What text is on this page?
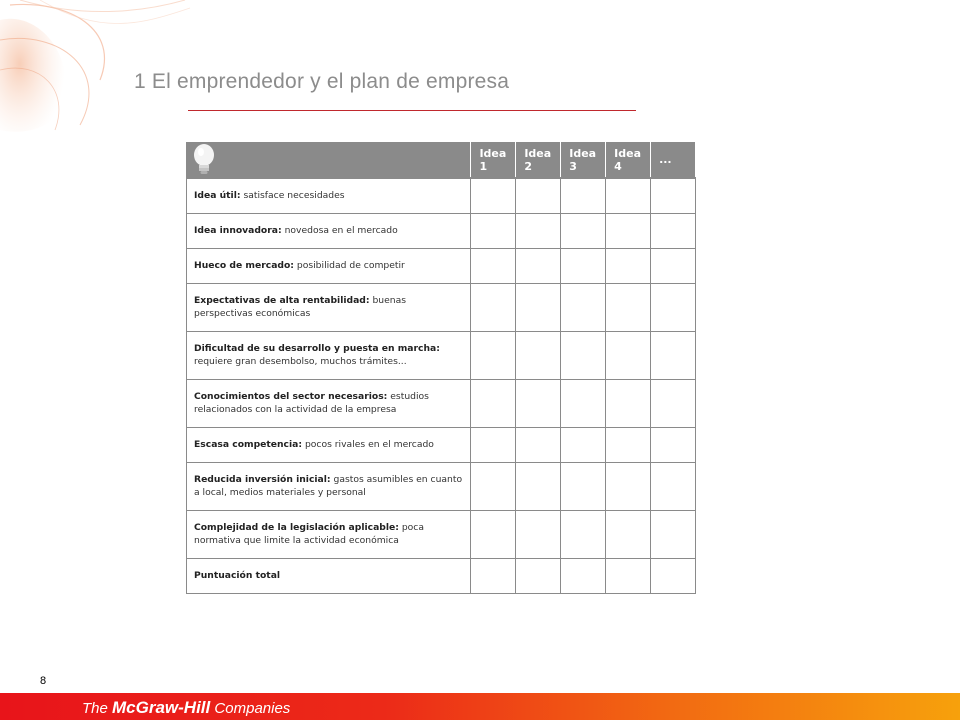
1 El emprendedor y el plan de empresa
	Idea 1	Idea 2	Idea 3	Idea 4	...
Idea útil: satisface necesidades					
Idea innovadora: novedosa en el mercado					
Hueco de mercado: posibilidad de competir					
Expectativas de alta rentabilidad: buenas perspectivas económicas					
Dificultad de su desarrollo y puesta en marcha: requiere gran desembolso, muchos trámites...					
Conocimientos del sector necesarios: estudios relacionados con la actividad de la empresa					
Escasa competencia: pocos rivales en el mercado					
Reducida inversión inicial: gastos asumibles en cuanto a local, medios materiales y personal					
Complejidad de la legislación aplicable: poca normativa que limite la actividad económica					
Puntuación total					
8
The McGraw-Hill Companies
